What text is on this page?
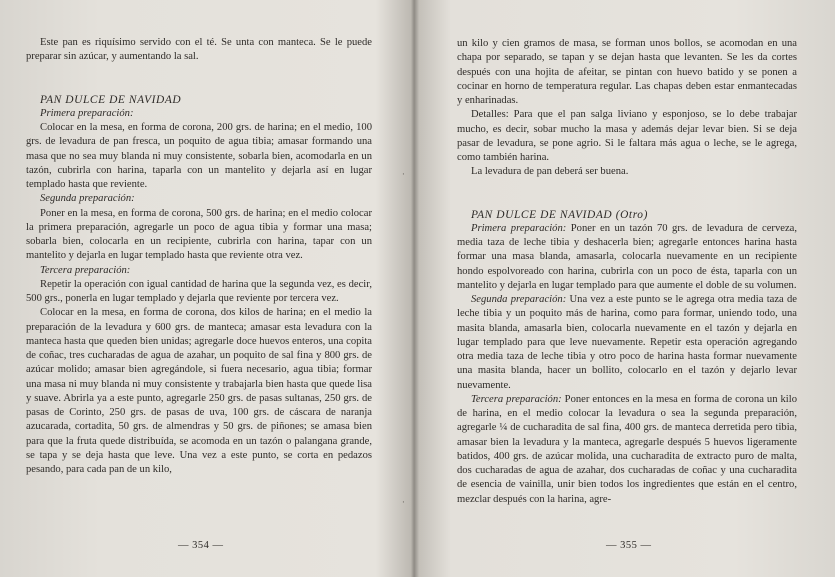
Este pan es riquísimo servido con el té. Se unta con manteca. Se le puede preparar sin azúcar, y aumentando la sal.

PAN DULCE DE NAVIDAD

Primera preparación:

Colocar en la mesa, en forma de corona, 200 grs. de harina; en el medio, 100 grs. de levadura de pan fresca, un poquito de agua tibia; amasar formando una masa que no sea muy blanda ni muy consistente, sobarla bien, acomodarla en un tazón, cubrirla con harina, taparla con un mantelito y dejarla así en lugar templado hasta que reviente.

Segunda preparación:

Poner en la mesa, en forma de corona, 500 grs. de harina; en el medio colocar la primera preparación, agregarle un poco de agua tibia y formar una masa; sobarla bien, colocarla en un recipiente, cubrirla con harina, tapar con un mantelito y dejarla en lugar templado hasta que reviente otra vez.

Tercera preparación:

Repetir la operación con igual cantidad de harina que la segunda vez, es decir, 500 grs., ponerla en lugar templado y dejarla que reviente por tercera vez.

Colocar en la mesa, en forma de corona, dos kilos de harina; en el medio la preparación de la levadura y 600 grs. de manteca; amasar esta levadura con la manteca hasta que queden bien unidas; agregarle doce huevos enteros, una copita de coñac, tres cucharadas de agua de azahar, un poquito de sal fina y 800 grs. de azúcar molido; amasar bien agregándole, si fuera necesario, agua tibia; formar una masa ni muy blanda ni muy consistente y trabajarla bien hasta que quede lisa y suave. Abrirla ya a este punto, agregarle 250 grs. de pasas sultanas, 250 grs. de pasas de Corinto, 250 grs. de pasas de uva, 100 grs. de cáscara de naranja azucarada, cortadita, 50 grs. de almendras y 50 grs. de piñones; se amasa bien para que la fruta quede distribuída, se acomoda en un tazón o palangana grande, se tapa y se deja hasta que leve. Una vez a este punto, se corta en pedazos pesando, para cada pan de un kilo,

— 354 —

un kilo y cien gramos de masa, se forman unos bollos, se acomodan en una chapa por separado, se tapan y se dejan hasta que levanten. Se les da cortes después con una hojita de afeitar, se pintan con huevo batido y se ponen a cocinar en horno de temperatura regular. Las chapas deben estar enmantecadas y enharinadas.

Detalles: Para que el pan salga liviano y esponjoso, se lo debe trabajar mucho, es decir, sobar mucho la masa y además dejar levar bien. Si se deja pasar de levadura, se pone agrio. Si le faltara más agua o leche, se le agrega, como también harina.

La levadura de pan deberá ser buena.

PAN DULCE DE NAVIDAD (Otro)

Primera preparación: Poner en un tazón 70 grs. de levadura de cerveza, media taza de leche tibia y deshacerla bien; agregarle entonces harina hasta formar una masa blanda, amasarla, colocarla nuevamente en un recipiente hondo espolvoreado con harina, cubrirla con un poco de ésta, taparla con un mantelito y dejarla en lugar templado para que aumente el doble de su volumen.

Segunda preparación: Una vez a este punto se le agrega otra media taza de leche tibia y un poquito más de harina, como para formar, uniendo todo, una masita blanda, amasarla bien, colocarla nuevamente en el tazón y dejarla en lugar templado para que leve nuevamente. Repetir esta operación agregando otra media taza de leche tibia y otro poco de harina hasta formar nuevamente una masita blanda, hacer un bollito, colocarlo en el tazón y dejarlo levar nuevamente.

Tercera preparación: Poner entonces en la mesa en forma de corona un kilo de harina, en el medio colocar la levadura o sea la segunda preparación, agregarle ¼ de cucharadita de sal fina, 400 grs. de manteca derretida pero tibia, amasar bien la levadura y la manteca, agregarle después 5 huevos ligeramente batidos, 400 grs. de azúcar molida, una cucharadita de extracto puro de malta, dos cucharadas de agua de azahar, dos cucharadas de coñac y una cucharadita de esencia de vainilla, unir bien todos los ingredientes que están en el centro, mezclar después con la harina, agre-

— 355 —
·
·
